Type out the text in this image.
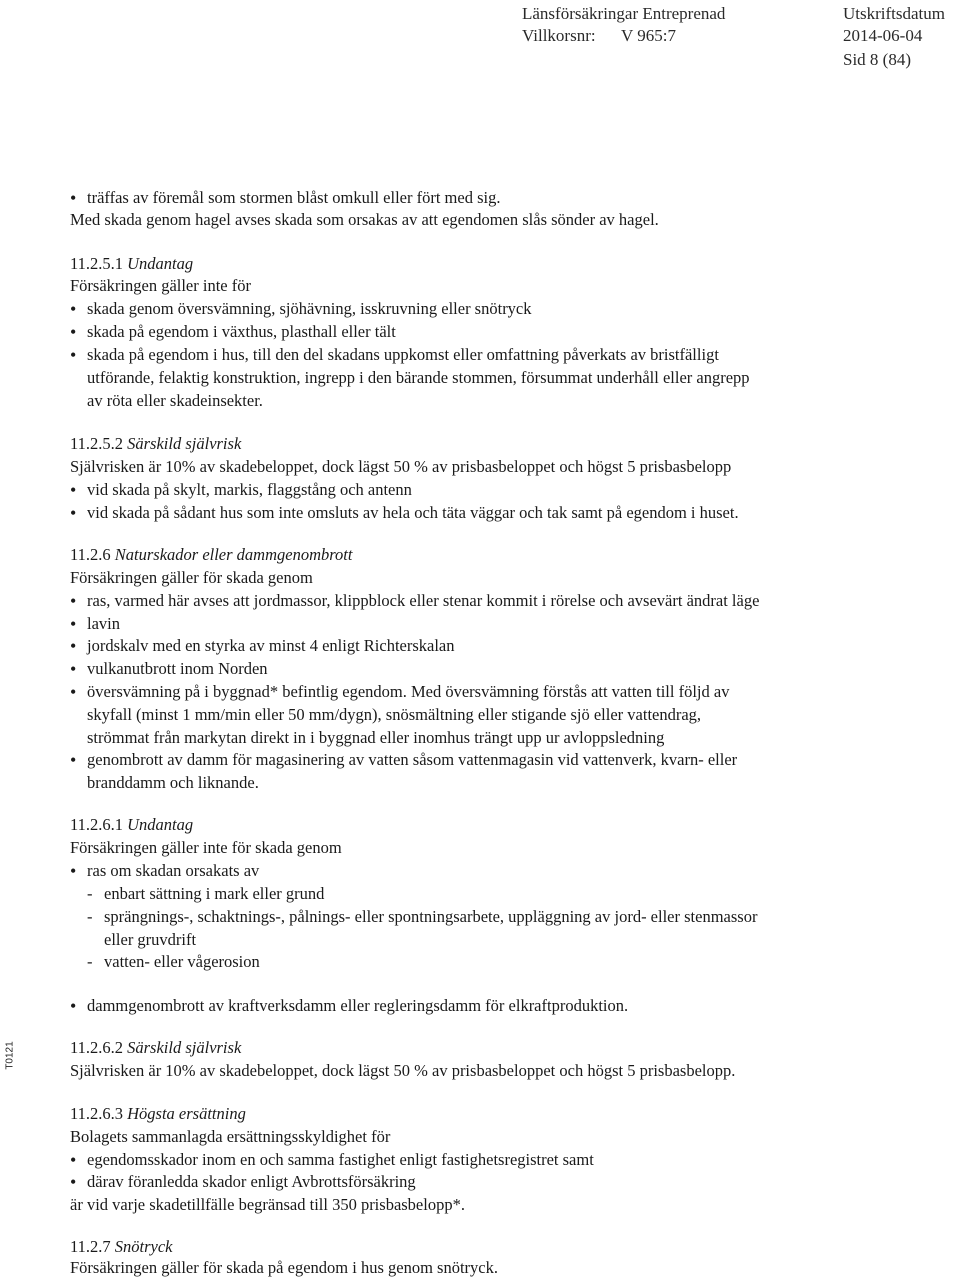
Länsförsäkringar Entreprenad
Villkorsnr: V 965:7
Utskriftsdatum
2014-06-04
Sid 8 (84)
T0121
•
träffas av föremål som stormen blåst omkull eller fört med sig.
Med skada genom hagel avses skada som orsakas av att egendomen slås sönder av hagel.
11.2.5.1 Undantag
Försäkringen gäller inte för
•
skada genom översvämning, sjöhävning, isskruvning eller snötryck
•
skada på egendom i växthus, plasthall eller tält
•
skada på egendom i hus, till den del skadans uppkomst eller omfattning påverkats av bristfälligt
utförande, felaktig konstruktion, ingrepp i den bärande stommen, försummat underhåll eller angrepp
av röta eller skadeinsekter.
11.2.5.2 Särskild självrisk
Självrisken är 10% av skadebeloppet, dock lägst 50 % av prisbasbeloppet och högst 5 prisbasbelopp
•
vid skada på skylt, markis, flaggstång och antenn
•
vid skada på sådant hus som inte omsluts av hela och täta väggar och tak samt på egendom i huset.
11.2.6 Naturskador eller dammgenombrott
Försäkringen gäller för skada genom
•
ras, varmed här avses att jordmassor, klippblock eller stenar kommit i rörelse och avsevärt ändrat läge
•
lavin
•
jordskalv med en styrka av minst 4 enligt Richterskalan
•
vulkanutbrott inom Norden
•
översvämning på i byggnad* befintlig egendom. Med översvämning förstås att vatten till följd av
skyfall (minst 1 mm/min eller 50 mm/dygn), snösmältning eller stigande sjö eller vattendrag,
strömmat från markytan direkt in i byggnad eller inomhus trängt upp ur avloppsledning
•
genombrott av damm för magasinering av vatten såsom vattenmagasin vid vattenverk, kvarn- eller
branddamm och liknande.
11.2.6.1 Undantag
Försäkringen gäller inte för skada genom
•
ras om skadan orsakats av
- enbart sättning i mark eller grund
- sprängnings-, schaktnings-, pålnings- eller spontningsarbete, uppläggning av jord- eller stenmassor
eller gruvdrift
- vatten- eller vågerosion
•
dammgenombrott av kraftverksdamm eller regleringsdamm för elkraftproduktion.
11.2.6.2 Särskild självrisk
Självrisken är 10% av skadebeloppet, dock lägst 50 % av prisbasbeloppet och högst 5 prisbasbelopp.
11.2.6.3 Högsta ersättning
Bolagets sammanlagda ersättningsskyldighet för
•
egendomsskador inom en och samma fastighet enligt fastighetsregistret samt
•
därav föranledda skador enligt Avbrottsförsäkring
är vid varje skadetillfälle begränsad till 350 prisbasbelopp*.
11.2.7 Snötryck
Försäkringen gäller för skada på egendom i hus genom snötryck.
